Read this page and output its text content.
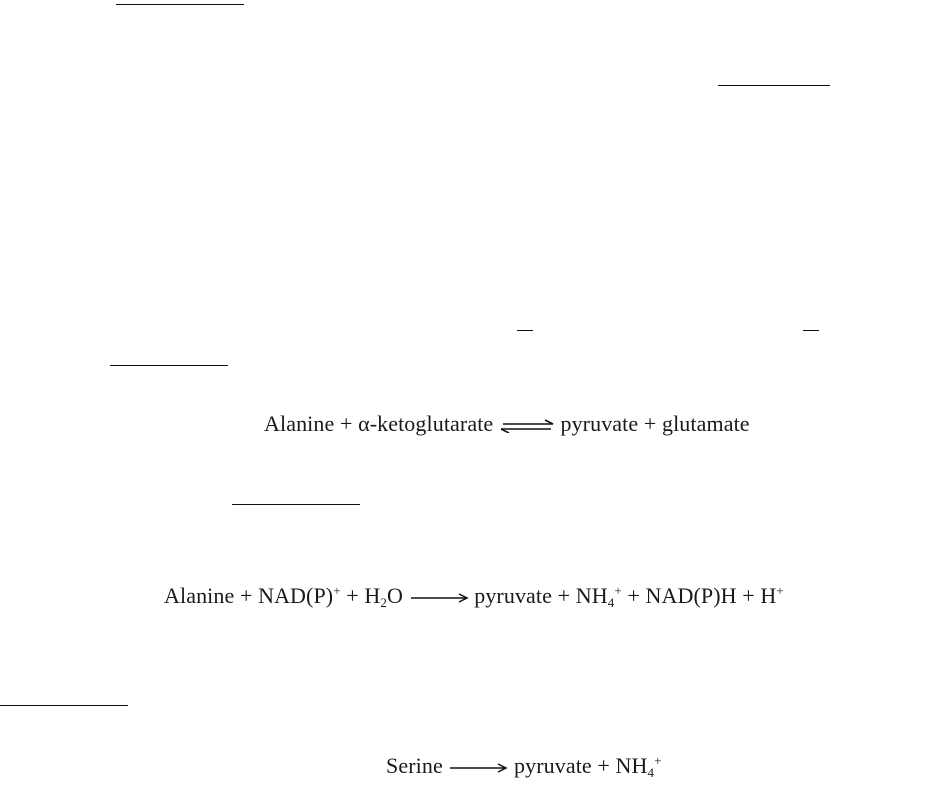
Alanine + α-ketoglutarate ⇌ pyruvate + glutamate
Alanine + $NAD(P)^+ + H_2O$	pyruvate + $NH_4^+ + NAD(P)H + H^+$
Serine	pyruvate + $NH_4^+$
